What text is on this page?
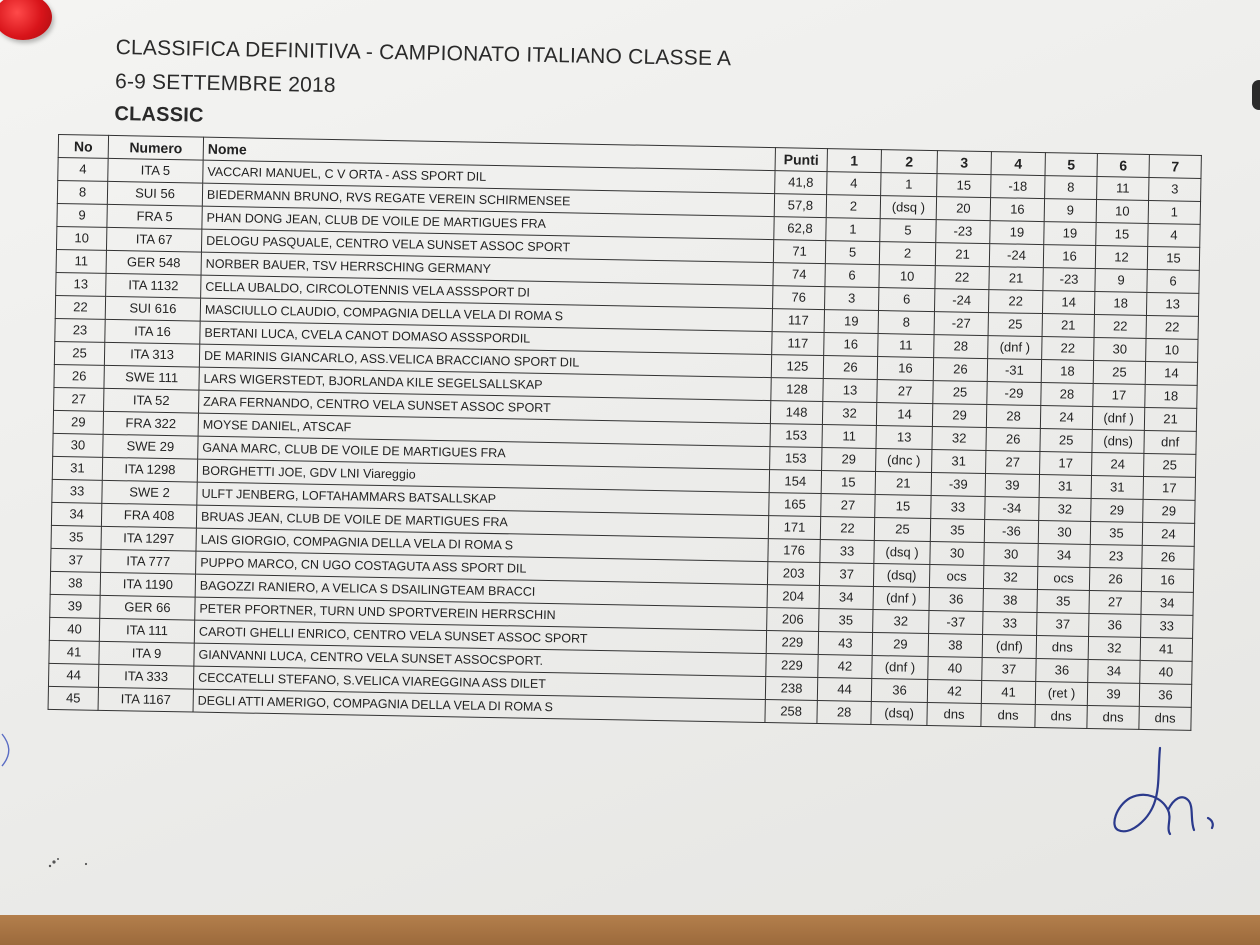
CLASSIFICA DEFINITIVA - CAMPIONATO ITALIANO CLASSE A
6-9 SETTEMBRE 2018
CLASSIC
No	Numero	Nome	Punti	1	2	3	4	5	6	7
4	ITA 5	VACCARI MANUEL, C V ORTA - ASS SPORT DIL	41,8	4	1	15	-18	8	11	3
8	SUI 56	BIEDERMANN BRUNO, RVS REGATE VEREIN SCHIRMENSEE	57,8	2	(dsq )	20	16	9	10	1
9	FRA 5	PHAN DONG JEAN, CLUB DE VOILE DE MARTIGUES FRA	62,8	1	5	-23	19	19	15	4
10	ITA 67	DELOGU PASQUALE, CENTRO VELA SUNSET ASSOC SPORT	71	5	2	21	-24	16	12	15
11	GER 548	NORBER BAUER, TSV HERRSCHING GERMANY	74	6	10	22	21	-23	9	6
13	ITA 1132	CELLA UBALDO, CIRCOLOTENNIS VELA ASSSPORT DI	76	3	6	-24	22	14	18	13
22	SUI 616	MASCIULLO CLAUDIO, COMPAGNIA DELLA VELA DI ROMA S	117	19	8	-27	25	21	22	22
23	ITA 16	BERTANI LUCA, CVELA CANOT DOMASO ASSSPORDIL	117	16	11	28	(dnf )	22	30	10
25	ITA 313	DE MARINIS GIANCARLO, ASS.VELICA BRACCIANO SPORT DIL	125	26	16	26	-31	18	25	14
26	SWE 111	LARS WIGERSTEDT, BJORLANDA KILE SEGELSALLSKAP	128	13	27	25	-29	28	17	18
27	ITA 52	ZARA FERNANDO, CENTRO VELA SUNSET ASSOC SPORT	148	32	14	29	28	24	(dnf )	21
29	FRA 322	MOYSE DANIEL, ATSCAF	153	11	13	32	26	25	(dns)	dnf
30	SWE 29	GANA MARC, CLUB DE VOILE DE MARTIGUES FRA	153	29	(dnc )	31	27	17	24	25
31	ITA 1298	BORGHETTI JOE, GDV LNI Viareggio	154	15	21	-39	39	31	31	17
33	SWE 2	ULFT JENBERG, LOFTAHAMMARS BATSALLSKAP	165	27	15	33	-34	32	29	29
34	FRA 408	BRUAS JEAN, CLUB DE VOILE DE MARTIGUES FRA	171	22	25	35	-36	30	35	24
35	ITA 1297	LAIS GIORGIO, COMPAGNIA DELLA VELA DI ROMA S	176	33	(dsq )	30	30	34	23	26
37	ITA 777	PUPPO MARCO, CN UGO COSTAGUTA ASS SPORT DIL	203	37	(dsq)	ocs	32	ocs	26	16
38	ITA 1190	BAGOZZI RANIERO, A VELICA S DSAILINGTEAM BRACCI	204	34	(dnf )	36	38	35	27	34
39	GER 66	PETER PFORTNER, TURN UND SPORTVEREIN HERRSCHIN	206	35	32	-37	33	37	36	33
40	ITA 111	CAROTI GHELLI ENRICO, CENTRO VELA SUNSET ASSOC SPORT	229	43	29	38	(dnf)	dns	32	41
41	ITA 9	GIANVANNI LUCA, CENTRO VELA SUNSET ASSOCSPORT.	229	42	(dnf )	40	37	36	34	40
44	ITA 333	CECCATELLI STEFANO, S.VELICA VIAREGGINA ASS DILET	238	44	36	42	41	(ret )	39	36
45	ITA 1167	DEGLI ATTI AMERIGO, COMPAGNIA DELLA VELA DI ROMA S	258	28	(dsq)	dns	dns	dns	dns	dns
